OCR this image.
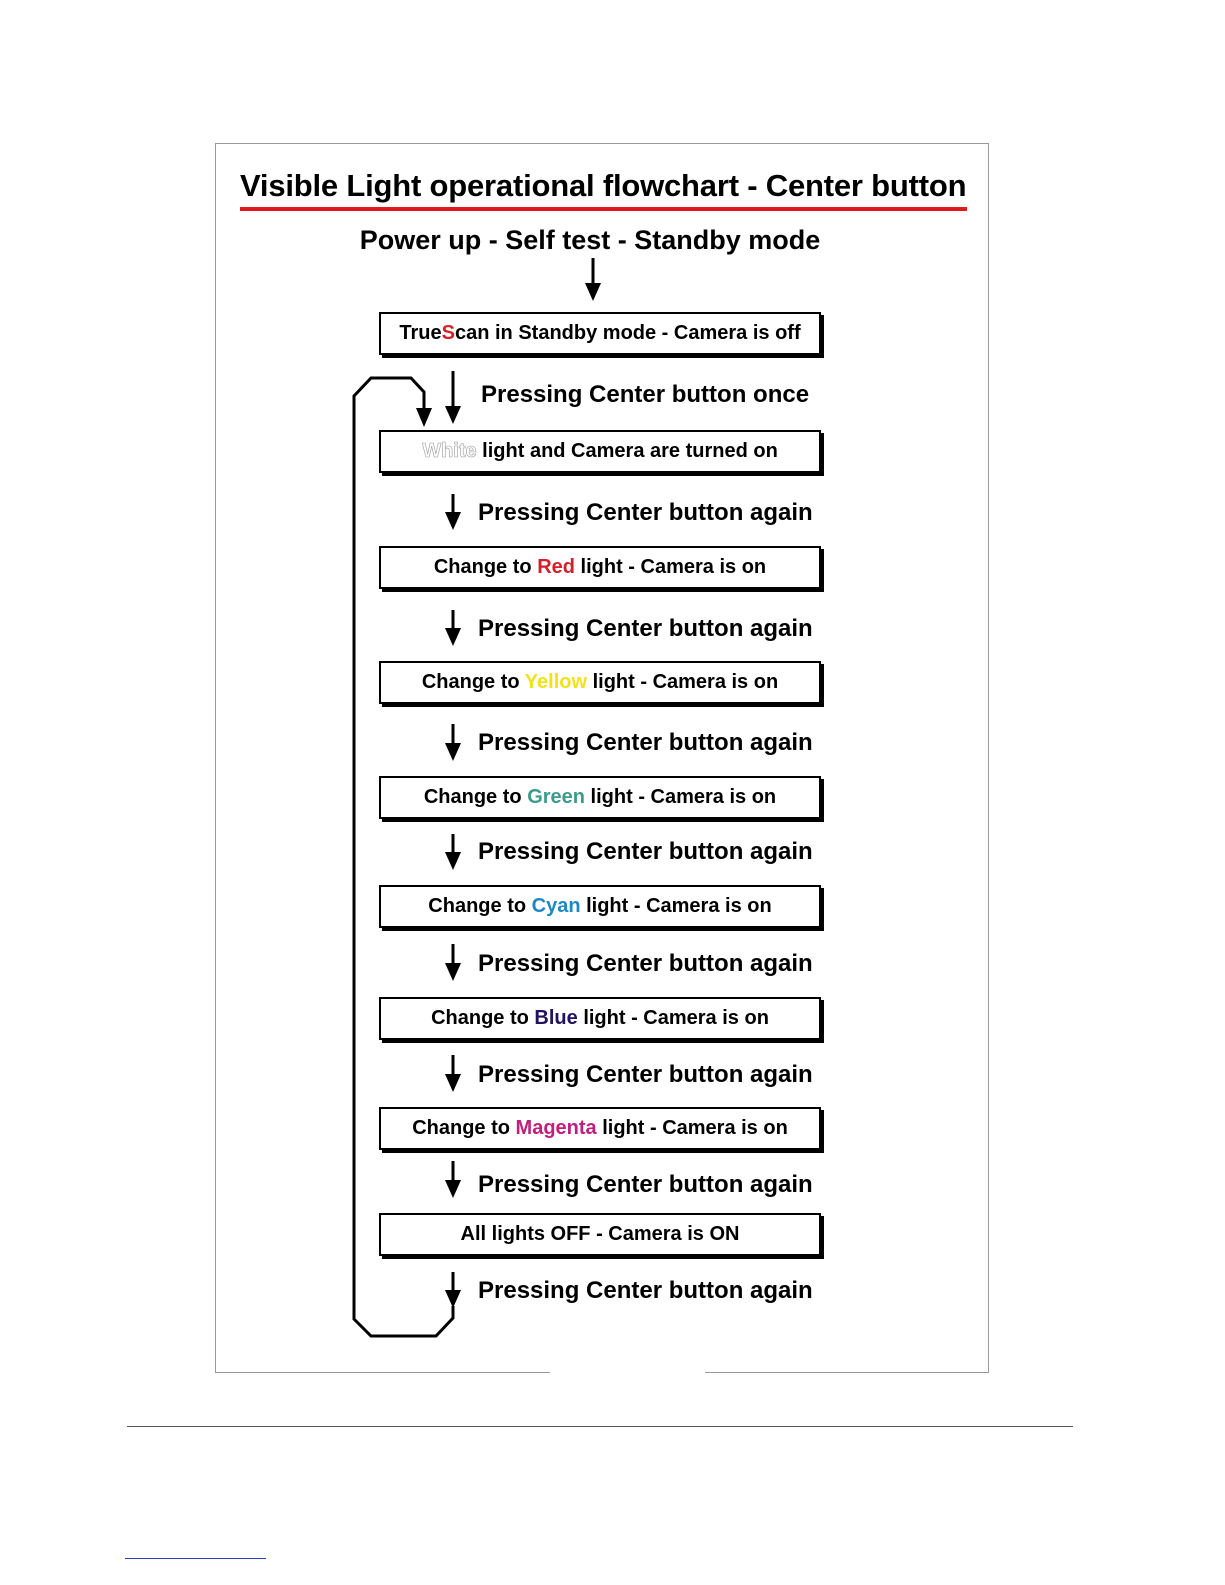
Visible Light operational flowchart - Center button
Power up - Self test - Standby mode
TrueScan in Standby mode - Camera is off
White light and Camera are turned on
Change to Red light - Camera is on
Change to Yellow light - Camera is on
Change to Green light - Camera is on
Change to Cyan light - Camera is on
Change to Blue light - Camera is on
Change to Magenta light - Camera is on
All lights OFF - Camera is ON
Pressing Center button once
Pressing Center button again
Pressing Center button again
Pressing Center button again
Pressing Center button again
Pressing Center button again
Pressing Center button again
Pressing Center button again
Pressing Center button again
